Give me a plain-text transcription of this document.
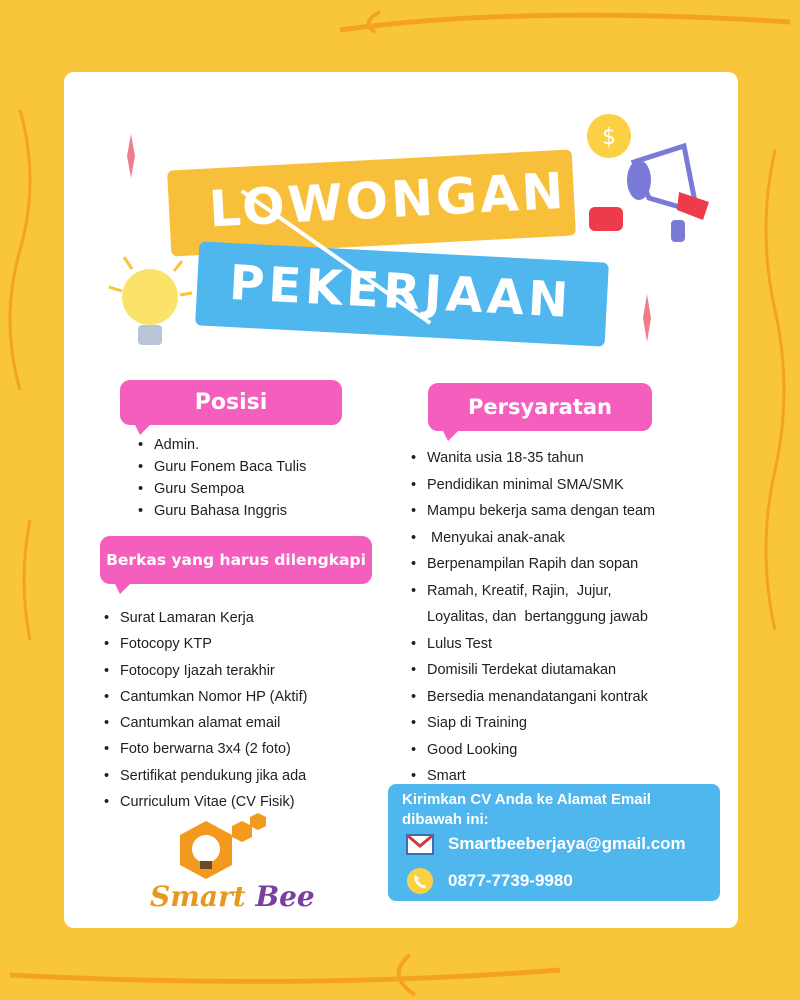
LOWONGAN
PEKERJAAN
$
Posisi
• Admin.
• Guru Fonem Baca Tulis
• Guru Sempoa
• Guru Bahasa Inggris
Berkas yang harus dilengkapi
• Surat Lamaran Kerja
• Fotocopy KTP
• Fotocopy Ijazah terakhir
• Cantumkan Nomor HP (Aktif)
• Cantumkan alamat email
• Foto berwarna 3x4 (2 foto)
• Sertifikat pendukung jika ada
• Curriculum Vitae (CV Fisik)
Persyaratan
• Wanita usia 18-35 tahun
• Pendidikan minimal SMA/SMK
• Mampu bekerja sama dengan team
•  Menyukai anak-anak
• Berpenampilan Rapih dan sopan
• Ramah, Kreatif, Rajin,  Jujur,
Loyalitas, dan  bertanggung jawab
• Lulus Test
• Domisili Terdekat diutamakan
• Bersedia menandatangani kontrak
• Siap di Training
• Good Looking
• Smart
Kirimkan CV Anda ke Alamat Email dibawah ini:
Smartbeeberjaya@gmail.com
0877-7739-9980
Smart Bee
